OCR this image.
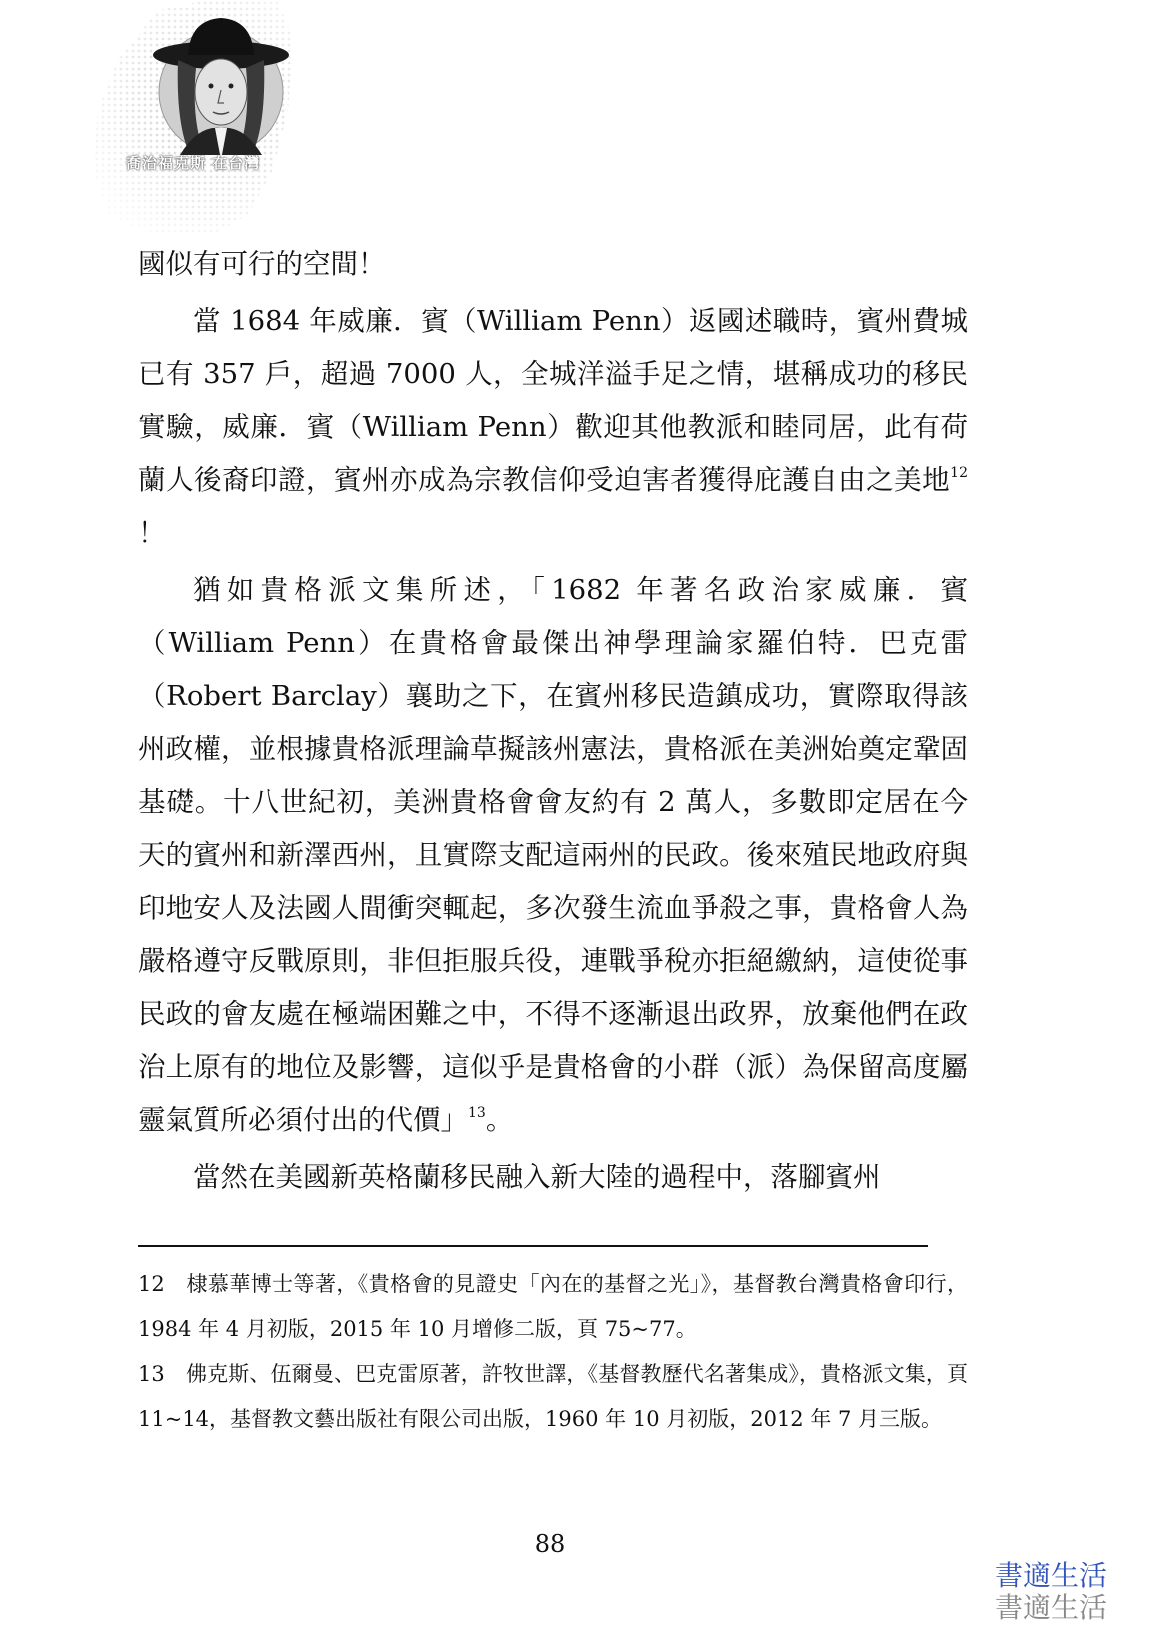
喬治福克斯 在台灣

國似有可行的空間！

當 1684 年威廉．賓（William Penn）返國述職時，賓州費城已有 357 戶，超過 7000 人，全城洋溢手足之情，堪稱成功的移民實驗，威廉．賓（William Penn）歡迎其他教派和睦同居，此有荷蘭人後裔印證，賓州亦成為宗教信仰受迫害者獲得庇護自由之美地$^{12}$ ！

猶如貴格派文集所述，「1682 年著名政治家威廉．賓（William Penn）在貴格會最傑出神學理論家羅伯特．巴克雷（Robert Barclay）襄助之下，在賓州移民造鎮成功，實際取得該州政權，並根據貴格派理論草擬該州憲法，貴格派在美洲始奠定鞏固基礎。十八世紀初，美洲貴格會會友約有 2 萬人，多數即定居在今天的賓州和新澤西州，且實際支配這兩州的民政。後來殖民地政府與印地安人及法國人間衝突輒起，多次發生流血爭殺之事，貴格會人為嚴格遵守反戰原則，非但拒服兵役，連戰爭稅亦拒絕繳納，這使從事民政的會友處在極端困難之中，不得不逐漸退出政界，放棄他們在政治上原有的地位及影響，這似乎是貴格會的小群（派）為保留高度屬靈氣質所必須付出的代價」$^{13}$。

當然在美國新英格蘭移民融入新大陸的過程中，落腳賓州

12　棣慕華博士等著，《貴格會的見證史「內在的基督之光」》，基督教台灣貴格會印行，1984 年 4 月初版，2015 年 10 月增修二版，頁 75~77。

13　佛克斯、伍爾曼、巴克雷原著，許牧世譯，《基督教歷代名著集成》，貴格派文集，頁 11~14，基督教文藝出版社有限公司出版，1960 年 10 月初版，2012 年 7 月三版。

88
書適生活
書適生活
